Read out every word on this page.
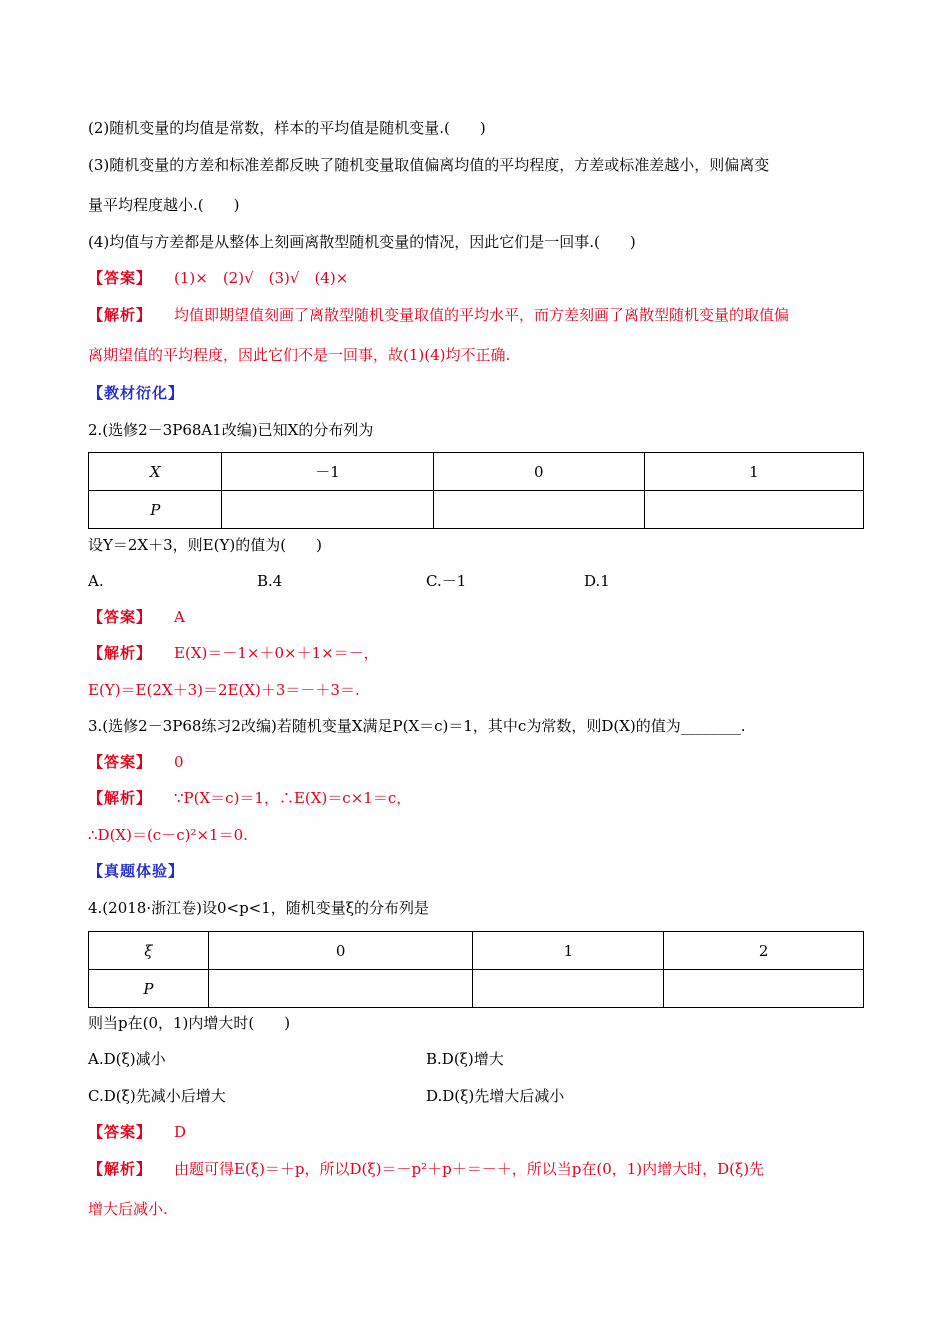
(2)随机变量的均值是常数，样本的平均值是随机变量.(　　)
(3)随机变量的方差和标准差都反映了随机变量取值偏离均值的平均程度，方差或标准差越小，则偏离变
量平均程度越小.(　　)
(4)均值与方差都是从整体上刻画离散型随机变量的情况，因此它们是一回事.(　　)
【答案】 (1)×　(2)√　(3)√　(4)×
【解析】 均值即期望值刻画了离散型随机变量取值的平均水平，而方差刻画了离散型随机变量的取值偏
离期望值的平均程度，因此它们不是一回事，故(1)(4)均不正确.
【教材衍化】
2.(选修2－3P68A1改编)已知X的分布列为
X	－1	0	1
P			
设Y＝2X＋3，则E(Y)的值为(　　)
A.	B.4	C.－1	D.1
【答案】 A
【解析】 E(X)＝－1×＋0×＋1×＝－，
E(Y)＝E(2X＋3)＝2E(X)＋3＝－＋3＝.
3.(选修2－3P68练习2改编)若随机变量X满足P(X＝c)＝1，其中c为常数，则D(X)的值为________.
【答案】 0
【解析】 ∵P(X＝c)＝1，∴E(X)＝c×1＝c，
∴D(X)＝(c－c)²×1＝0.
【真题体验】
4.(2018·浙江卷)设0<p<1，随机变量ξ的分布列是
ξ	0	1	2
P			
则当p在(0，1)内增大时(　　)
A.D(ξ)减小	B.D(ξ)增大
C.D(ξ)先减小后增大	D.D(ξ)先增大后减小
【答案】 D
【解析】 由题可得E(ξ)＝＋p，所以D(ξ)＝－p²＋p＋＝－＋，所以当p在(0，1)内增大时，D(ξ)先
增大后减小.
